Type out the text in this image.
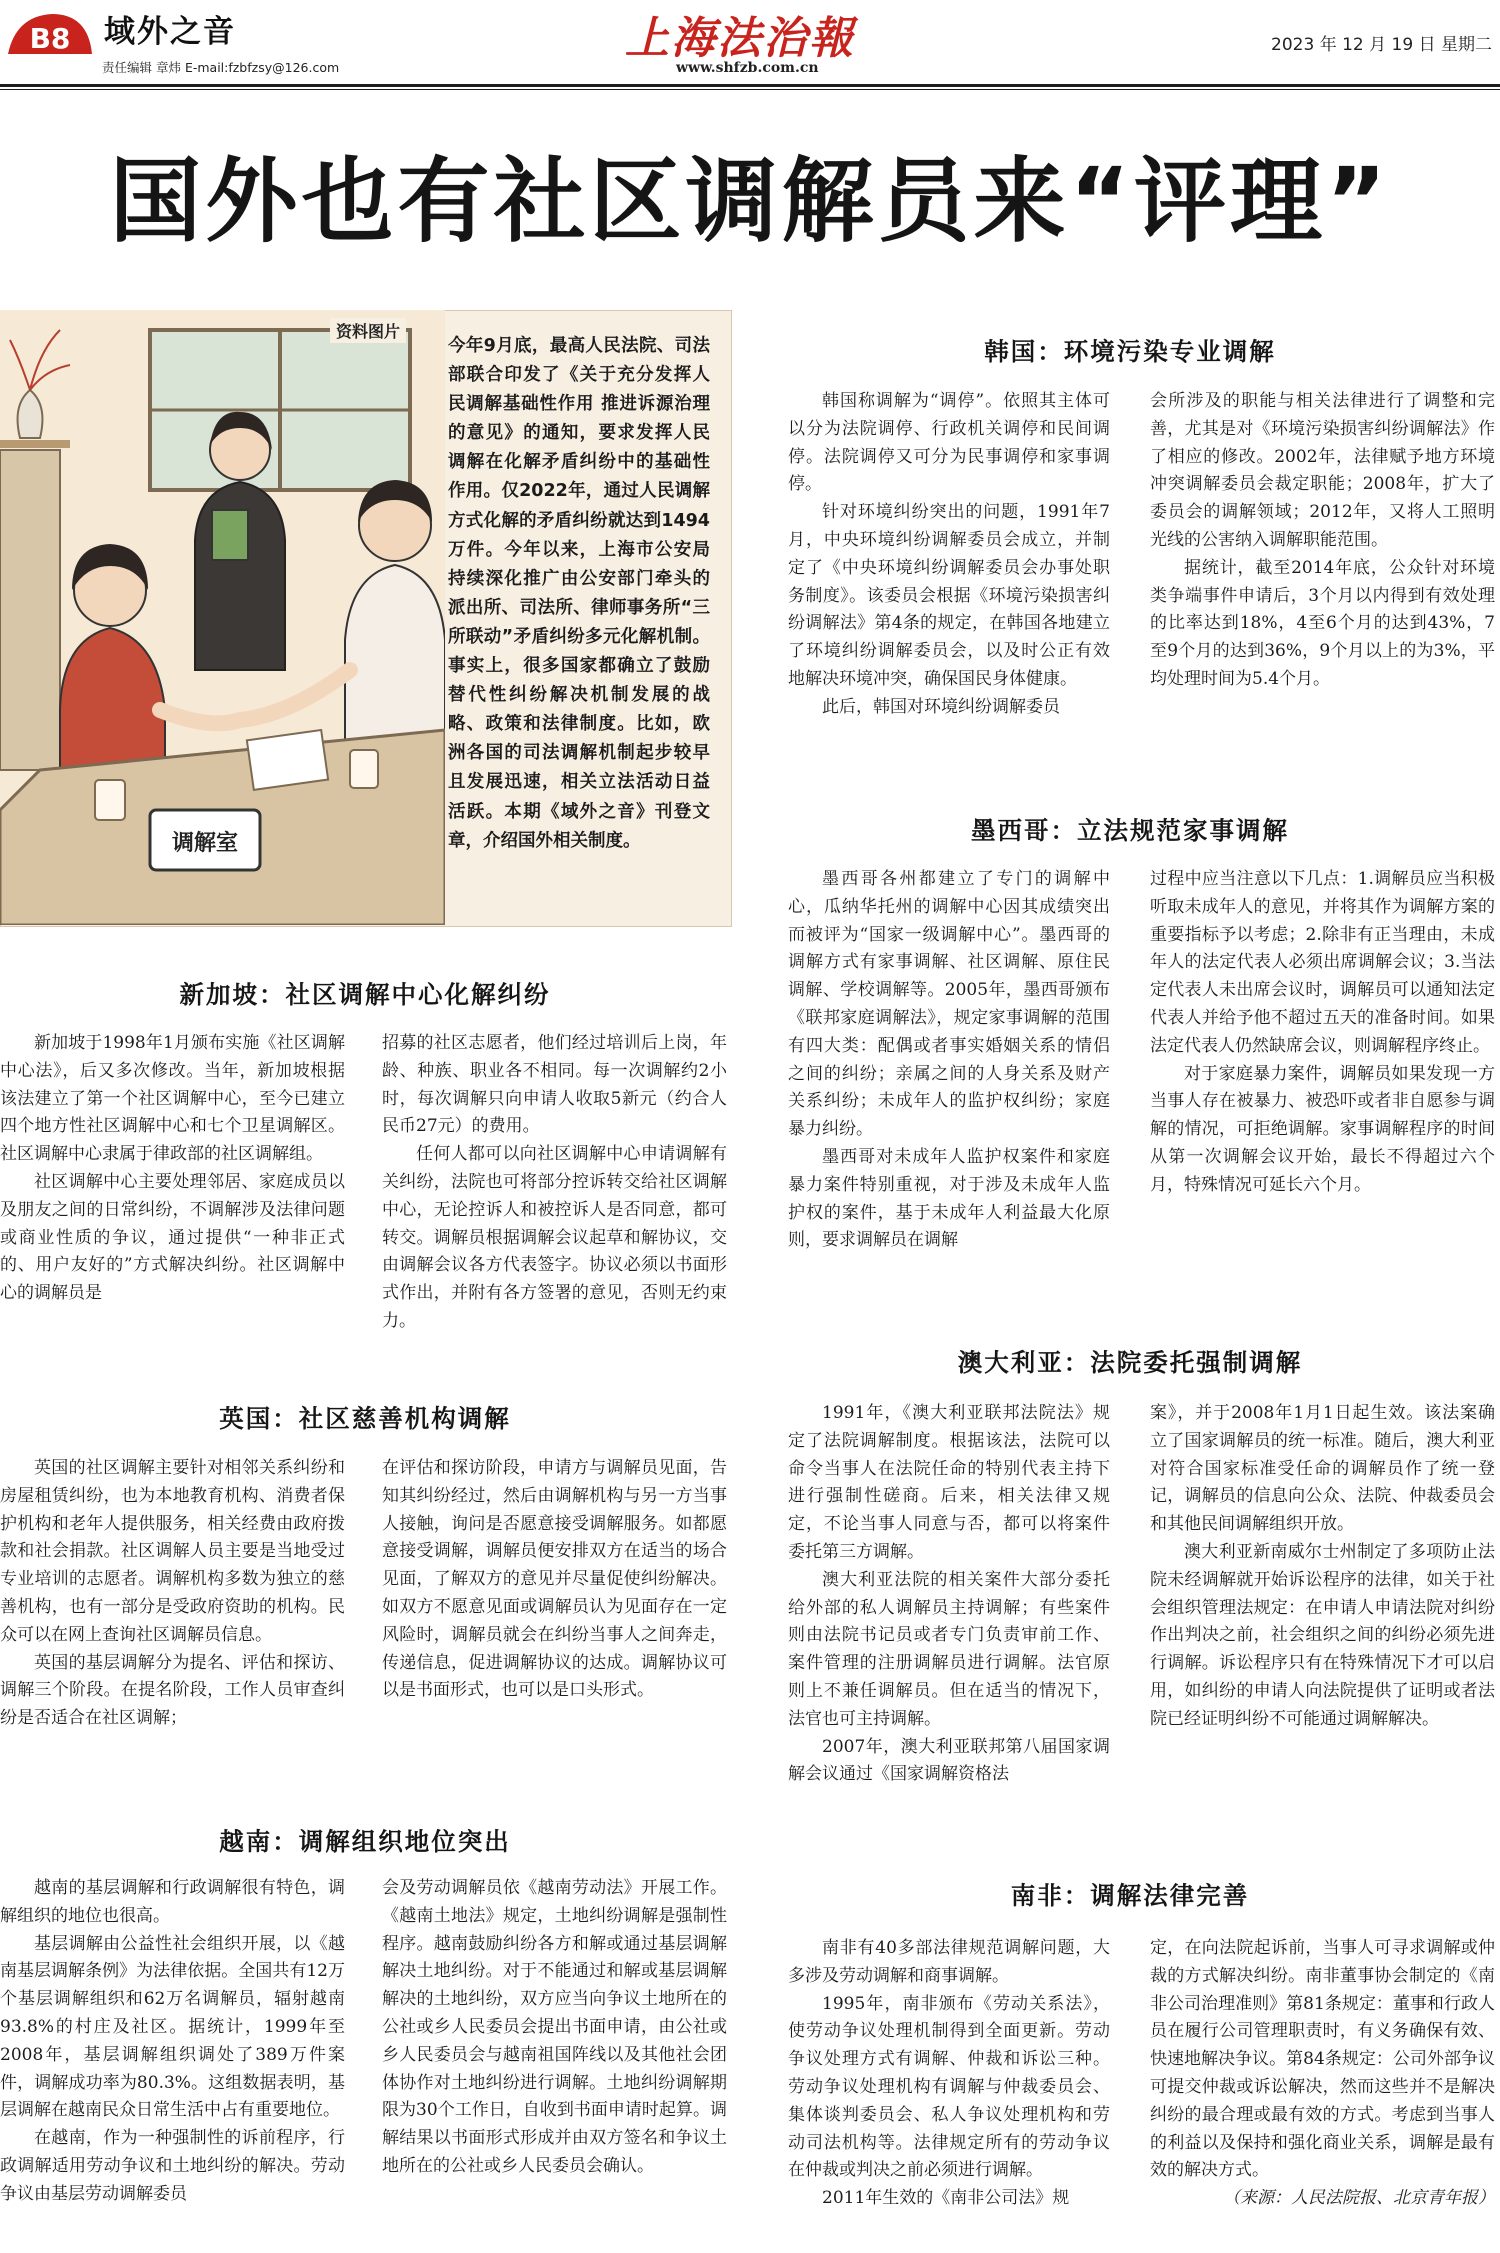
B8 域外之音
责任编辑 章炜 E-mail:fzbfzsy@126.com
上海法治報
www.shfzb.com.cn
2023 年 12 月 19 日 星期二
国外也有社区调解员来“评理”
调解室
资料图片

今年9月底，最高人民法院、司法部联合印发了《关于充分发挥人民调解基础性作用 推进诉源治理的意见》的通知，要求发挥人民调解在化解矛盾纠纷中的基础性作用。仅2022年，通过人民调解方式化解的矛盾纠纷就达到1494万件。今年以来，上海市公安局持续深化推广由公安部门牵头的派出所、司法所、律师事务所“三所联动”矛盾纠纷多元化解机制。事实上，很多国家都确立了鼓励替代性纠纷解决机制发展的战略、政策和法律制度。比如，欧洲各国的司法调解机制起步较早且发展迅速，相关立法活动日益活跃。本期《域外之音》刊登文章，介绍国外相关制度。

新加坡：社区调解中心化解纠纷

新加坡于1998年1月颁布实施《社区调解中心法》，后又多次修改。当年，新加坡根据该法建立了第一个社区调解中心，至今已建立四个地方性社区调解中心和七个卫星调解区。社区调解中心隶属于律政部的社区调解组。

社区调解中心主要处理邻居、家庭成员以及朋友之间的日常纠纷，不调解涉及法律问题或商业性质的争议，通过提供“一种非正式的、用户友好的”方式解决纠纷。社区调解中心的调解员是

招募的社区志愿者，他们经过培训后上岗，年龄、种族、职业各不相同。每一次调解约2小时，每次调解只向申请人收取5新元（约合人民币27元）的费用。

任何人都可以向社区调解中心申请调解有关纠纷，法院也可将部分控诉转交给社区调解中心，无论控诉人和被控诉人是否同意，都可转交。调解员根据调解会议起草和解协议，交由调解会议各方代表签字。协议必须以书面形式作出，并附有各方签署的意见，否则无约束力。

英国：社区慈善机构调解

英国的社区调解主要针对相邻关系纠纷和房屋租赁纠纷，也为本地教育机构、消费者保护机构和老年人提供服务，相关经费由政府拨款和社会捐款。社区调解人员主要是当地受过专业培训的志愿者。调解机构多数为独立的慈善机构，也有一部分是受政府资助的机构。民众可以在网上查询社区调解员信息。

英国的基层调解分为提名、评估和探访、调解三个阶段。在提名阶段，工作人员审查纠纷是否适合在社区调解；

在评估和探访阶段，申请方与调解员见面，告知其纠纷经过，然后由调解机构与另一方当事人接触，询问是否愿意接受调解服务。如都愿意接受调解，调解员便安排双方在适当的场合见面，了解双方的意见并尽量促使纠纷解决。如双方不愿意见面或调解员认为见面存在一定风险时，调解员就会在纠纷当事人之间奔走，传递信息，促进调解协议的达成。调解协议可以是书面形式，也可以是口头形式。

越南：调解组织地位突出

越南的基层调解和行政调解很有特色，调解组织的地位也很高。

基层调解由公益性社会组织开展，以《越南基层调解条例》为法律依据。全国共有12万个基层调解组织和62万名调解员，辐射越南93.8%的村庄及社区。据统计，1999年至2008年，基层调解组织调处了389万件案件，调解成功率为80.3%。这组数据表明，基层调解在越南民众日常生活中占有重要地位。

在越南，作为一种强制性的诉前程序，行政调解适用劳动争议和土地纠纷的解决。劳动争议由基层劳动调解委员

会及劳动调解员依《越南劳动法》开展工作。《越南土地法》规定，土地纠纷调解是强制性程序。越南鼓励纠纷各方和解或通过基层调解解决土地纠纷。对于不能通过和解或基层调解解决的土地纠纷，双方应当向争议土地所在的公社或乡人民委员会提出书面申请，由公社或乡人民委员会与越南祖国阵线以及其他社会团体协作对土地纠纷进行调解。土地纠纷调解期限为30个工作日，自收到书面申请时起算。调解结果以书面形式形成并由双方签名和争议土地所在的公社或乡人民委员会确认。

韩国：环境污染专业调解

韩国称调解为“调停”。依照其主体可以分为法院调停、行政机关调停和民间调停。法院调停又可分为民事调停和家事调停。

针对环境纠纷突出的问题，1991年7月，中央环境纠纷调解委员会成立，并制定了《中央环境纠纷调解委员会办事处职务制度》。该委员会根据《环境污染损害纠纷调解法》第4条的规定，在韩国各地建立了环境纠纷调解委员会，以及时公正有效地解决环境冲突，确保国民身体健康。

此后，韩国对环境纠纷调解委员

会所涉及的职能与相关法律进行了调整和完善，尤其是对《环境污染损害纠纷调解法》作了相应的修改。2002年，法律赋予地方环境冲突调解委员会裁定职能；2008年，扩大了委员会的调解领域；2012年，又将人工照明光线的公害纳入调解职能范围。

据统计，截至2014年底，公众针对环境类争端事件申请后，3个月以内得到有效处理的比率达到18%，4至6个月的达到43%，7至9个月的达到36%，9个月以上的为3%，平均处理时间为5.4个月。

墨西哥：立法规范家事调解

墨西哥各州都建立了专门的调解中心，瓜纳华托州的调解中心因其成绩突出而被评为“国家一级调解中心”。墨西哥的调解方式有家事调解、社区调解、原住民调解、学校调解等。2005年，墨西哥颁布《联邦家庭调解法》，规定家事调解的范围有四大类：配偶或者事实婚姻关系的情侣之间的纠纷；亲属之间的人身关系及财产关系纠纷；未成年人的监护权纠纷；家庭暴力纠纷。

墨西哥对未成年人监护权案件和家庭暴力案件特别重视，对于涉及未成年人监护权的案件，基于未成年人利益最大化原则，要求调解员在调解

过程中应当注意以下几点：1.调解员应当积极听取未成年人的意见，并将其作为调解方案的重要指标予以考虑；2.除非有正当理由，未成年人的法定代表人必须出席调解会议；3.当法定代表人未出席会议时，调解员可以通知法定代表人并给予他不超过五天的准备时间。如果法定代表人仍然缺席会议，则调解程序终止。

对于家庭暴力案件，调解员如果发现一方当事人存在被暴力、被恐吓或者非自愿参与调解的情况，可拒绝调解。家事调解程序的时间从第一次调解会议开始，最长不得超过六个月，特殊情况可延长六个月。

澳大利亚：法院委托强制调解

1991年，《澳大利亚联邦法院法》规定了法院调解制度。根据该法，法院可以命令当事人在法院任命的特别代表主持下进行强制性磋商。后来，相关法律又规定，不论当事人同意与否，都可以将案件委托第三方调解。

澳大利亚法院的相关案件大部分委托给外部的私人调解员主持调解；有些案件则由法院书记员或者专门负责审前工作、案件管理的注册调解员进行调解。法官原则上不兼任调解员。但在适当的情况下，法官也可主持调解。

2007年，澳大利亚联邦第八届国家调解会议通过《国家调解资格法

案》，并于2008年1月1日起生效。该法案确立了国家调解员的统一标准。随后，澳大利亚对符合国家标准受任命的调解员作了统一登记，调解员的信息向公众、法院、仲裁委员会和其他民间调解组织开放。

澳大利亚新南威尔士州制定了多项防止法院未经调解就开始诉讼程序的法律，如关于社会组织管理法规定：在申请人申请法院对纠纷作出判决之前，社会组织之间的纠纷必须先进行调解。诉讼程序只有在特殊情况下才可以启用，如纠纷的申请人向法院提供了证明或者法院已经证明纠纷不可能通过调解解决。

南非：调解法律完善

南非有40多部法律规范调解问题，大多涉及劳动调解和商事调解。

1995年，南非颁布《劳动关系法》，使劳动争议处理机制得到全面更新。劳动争议处理方式有调解、仲裁和诉讼三种。劳动争议处理机构有调解与仲裁委员会、集体谈判委员会、私人争议处理机构和劳动司法机构等。法律规定所有的劳动争议在仲裁或判决之前必须进行调解。

2011年生效的《南非公司法》规

定，在向法院起诉前，当事人可寻求调解或仲裁的方式解决纠纷。南非董事协会制定的《南非公司治理准则》第81条规定：董事和行政人员在履行公司管理职责时，有义务确保有效、快速地解决争议。第84条规定：公司外部争议可提交仲裁或诉讼解决，然而这些并不是解决纠纷的最合理或最有效的方式。考虑到当事人的利益以及保持和强化商业关系，调解是最有效的解决方式。

（来源：人民法院报、北京青年报）
